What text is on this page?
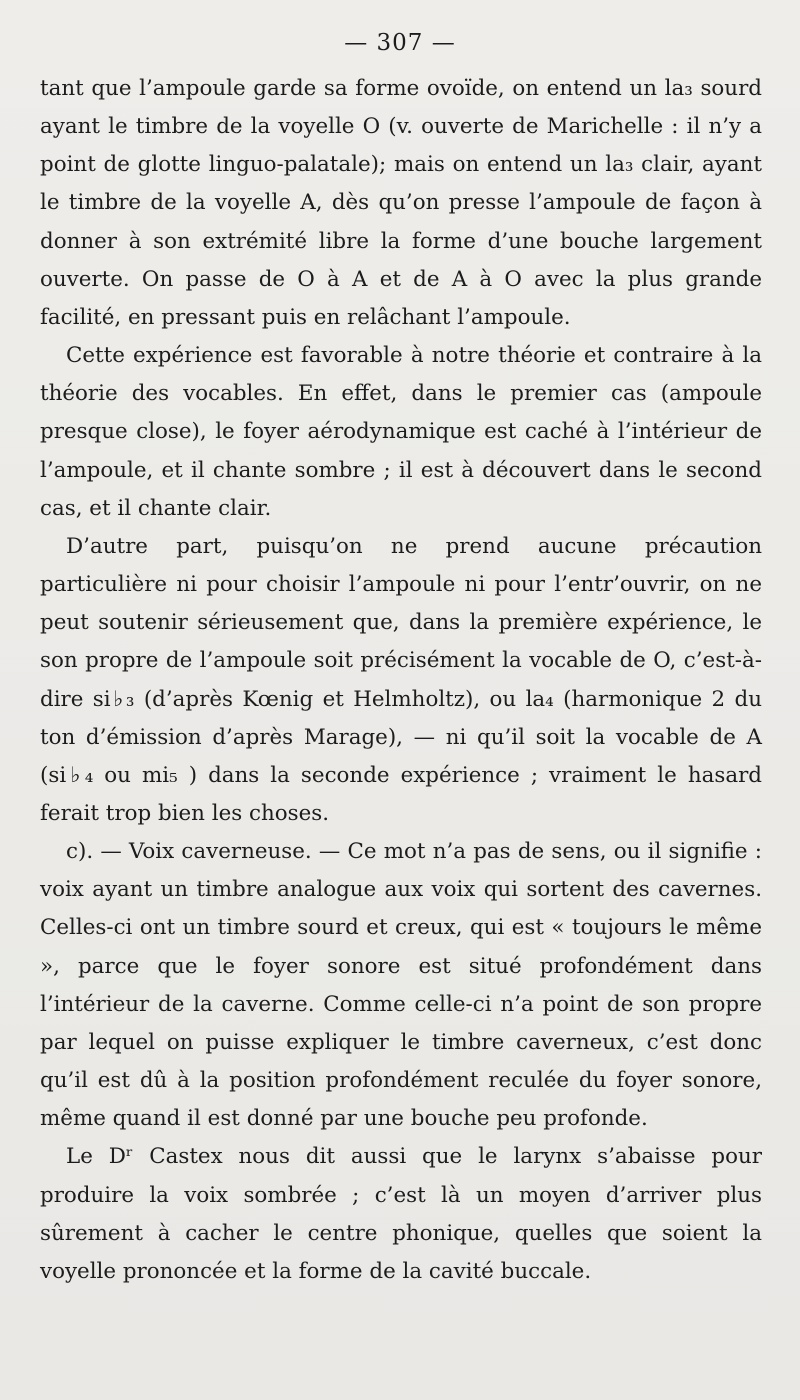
— 307 —

tant que l’ampoule garde sa forme ovoïde, on entend un la₃ sourd ayant le timbre de la voyelle O (v. ouverte de Marichelle : il n’y a point de glotte linguo-palatale); mais on entend un la₃ clair, ayant le timbre de la voyelle A, dès qu’on presse l’ampoule de façon à donner à son extrémité libre la forme d’une bouche largement ouverte. On passe de O à A et de A à O avec la plus grande facilité, en pressant puis en relâchant l’ampoule.

Cette expérience est favorable à notre théorie et contraire à la théorie des vocables. En effet, dans le premier cas (ampoule presque close), le foyer aérodynamique est caché à l’intérieur de l’ampoule, et il chante sombre ; il est à découvert dans le second cas, et il chante clair.

D’autre part, puisqu’on ne prend aucune précaution particulière ni pour choisir l’ampoule ni pour l’entr’ouvrir, on ne peut soutenir sérieusement que, dans la première expérience, le son propre de l’ampoule soit précisément la vocable de O, c’est-à-dire si♭₃ (d’après Kœnig et Helmholtz), ou la₄ (harmonique 2 du ton d’émission d’après Marage), — ni qu’il soit la vocable de A (si♭₄ ou mi₅ ) dans la seconde expérience ; vraiment le hasard ferait trop bien les choses.

c). — Voix caverneuse. — Ce mot n’a pas de sens, ou il signifie : voix ayant un timbre analogue aux voix qui sortent des cavernes. Celles-ci ont un timbre sourd et creux, qui est « toujours le même », parce que le foyer sonore est situé profondément dans l’intérieur de la caverne. Comme celle-ci n’a point de son propre par lequel on puisse expliquer le timbre caverneux, c’est donc qu’il est dû à la position profondément reculée du foyer sonore, même quand il est donné par une bouche peu profonde.

Le Dʳ Castex nous dit aussi que le larynx s’abaisse pour produire la voix sombrée ; c’est là un moyen d’arriver plus sûrement à cacher le centre phonique, quelles que soient la voyelle prononcée et la forme de la cavité buccale.
